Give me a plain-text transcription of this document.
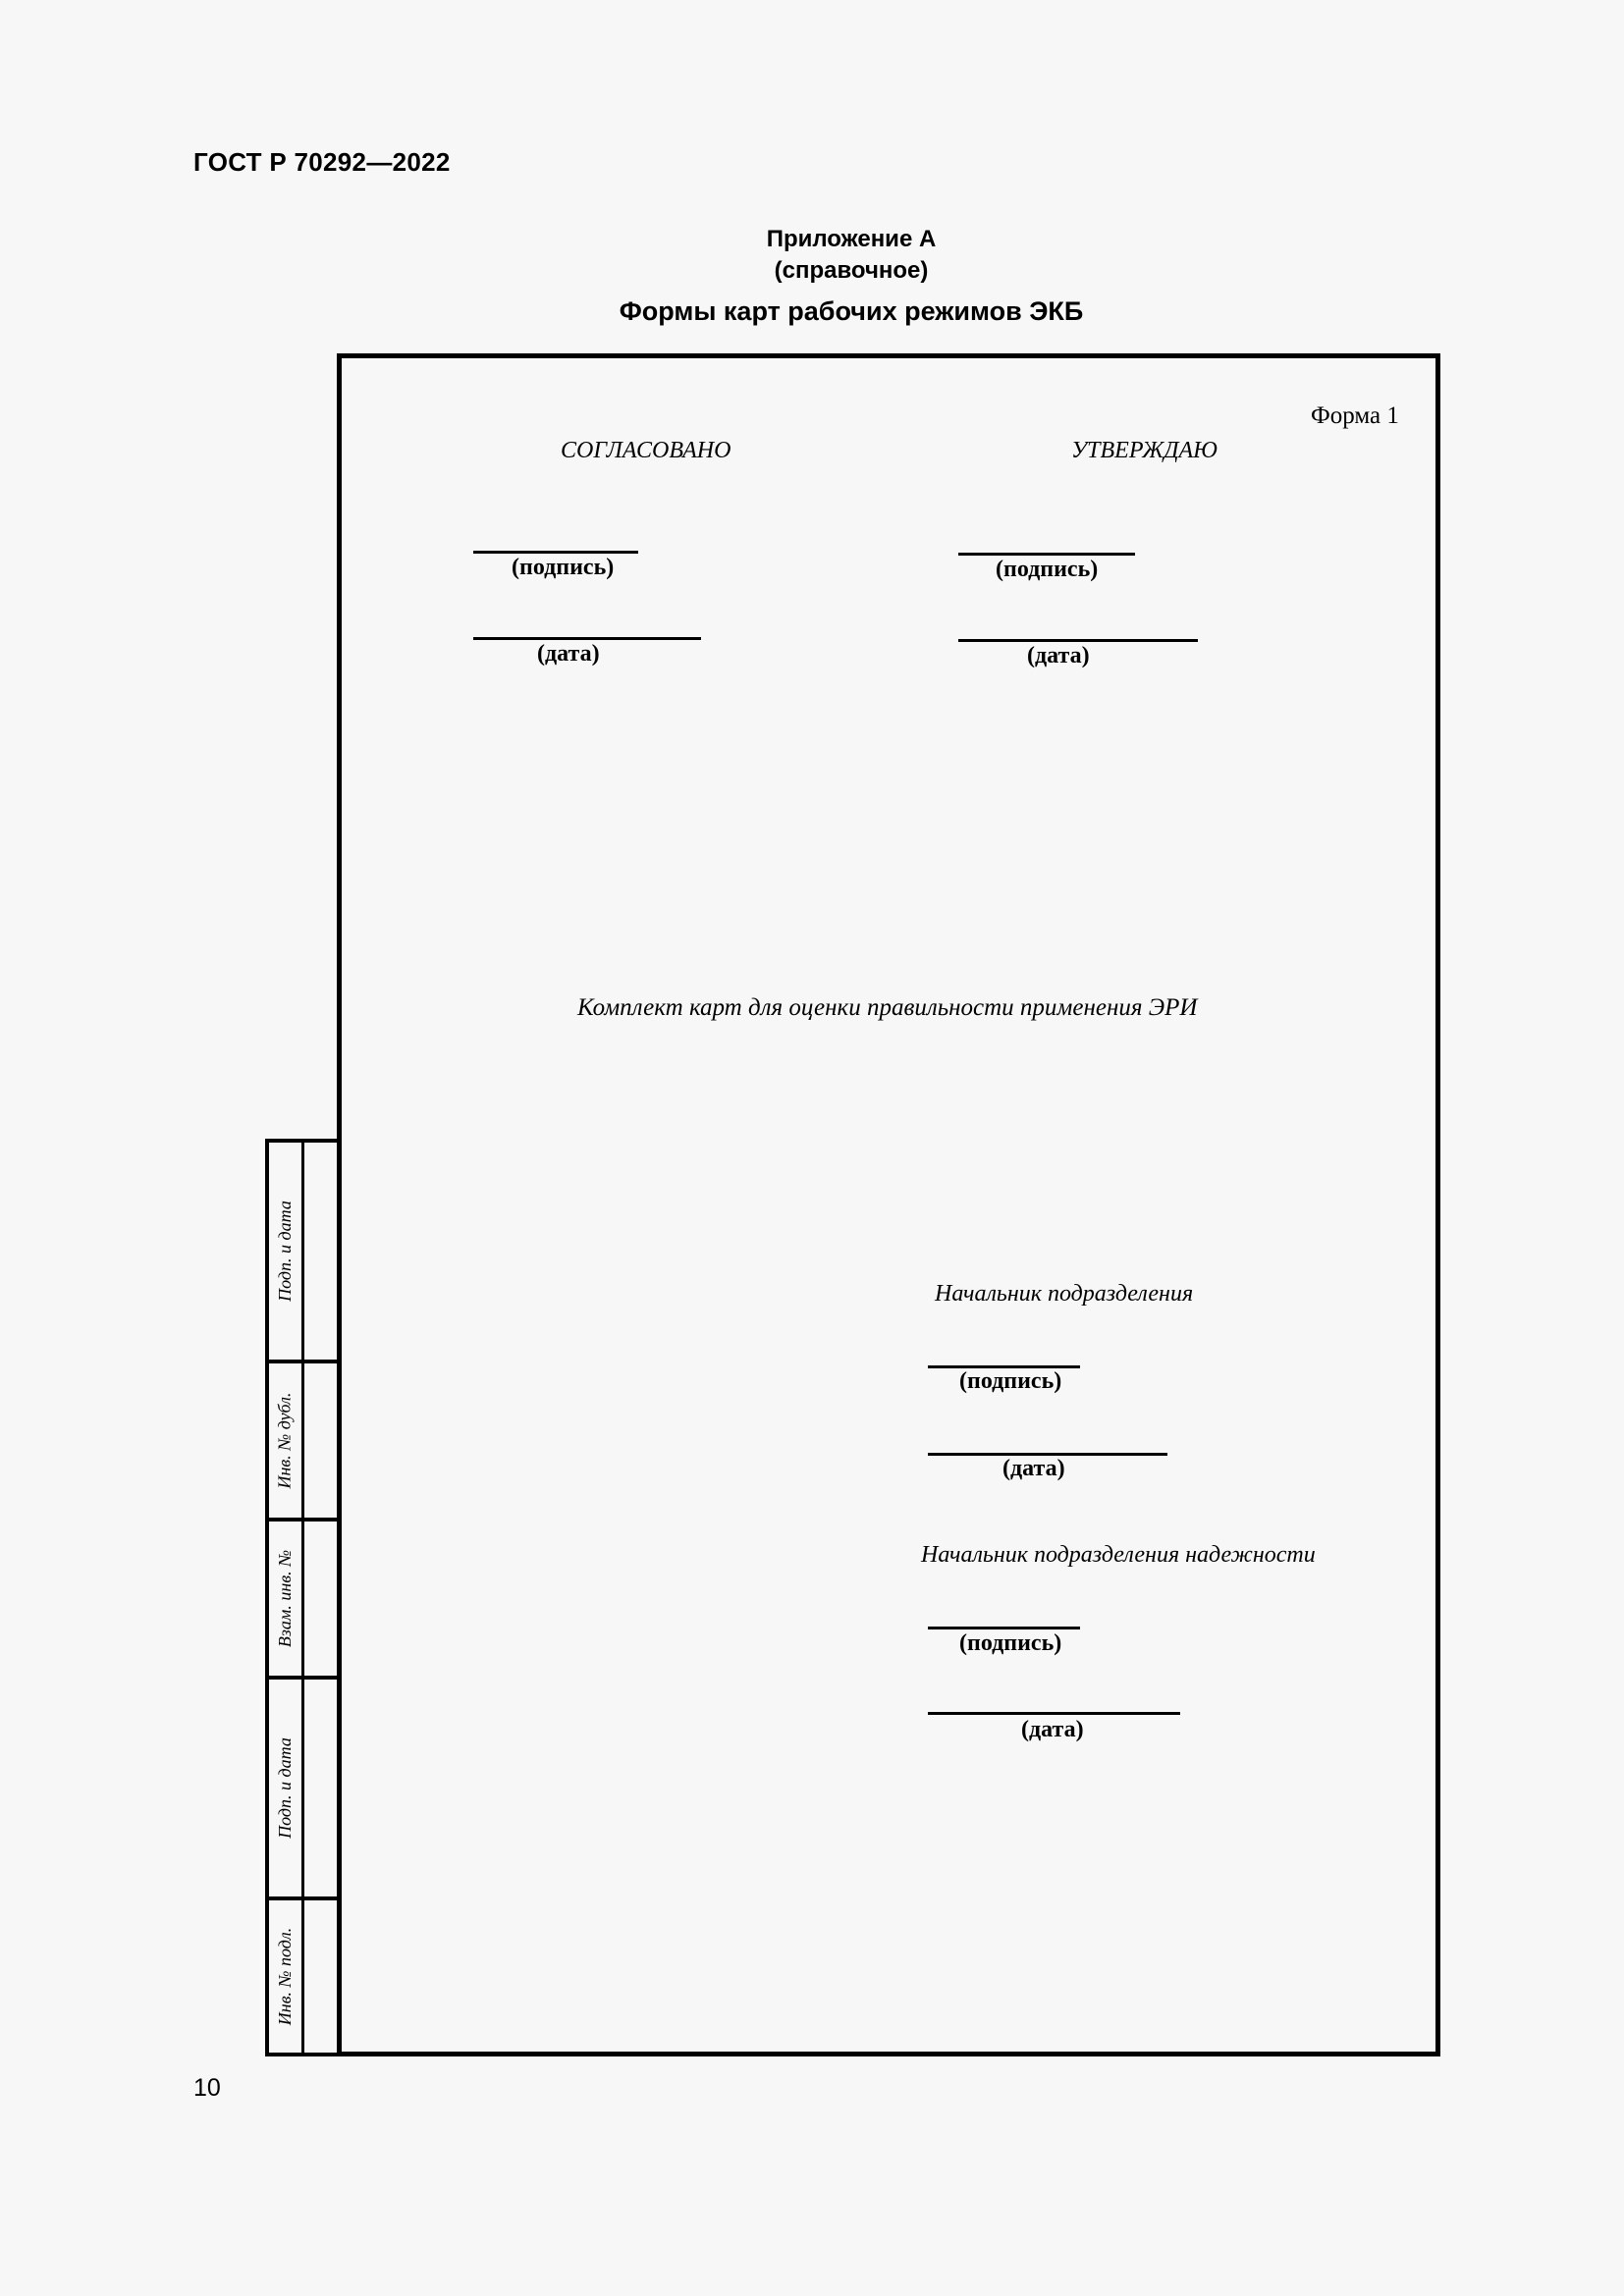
ГОСТ Р 70292—2022
Приложение А
(справочное)
Формы карт рабочих режимов ЭКБ
Форма 1
СОГЛАСОВАНО
(подпись)
(дата)
УТВЕРЖДАЮ
(подпись)
(дата)
Комплект карт для оценки правильности применения ЭРИ
Начальник подразделения
(подпись)
(дата)
Начальник подразделения надежности
(подпись)
(дата)
Подп. и дата
Инв. № дубл.
Взам. инв. №
Подп. и дата
Инв. № подл.
10
